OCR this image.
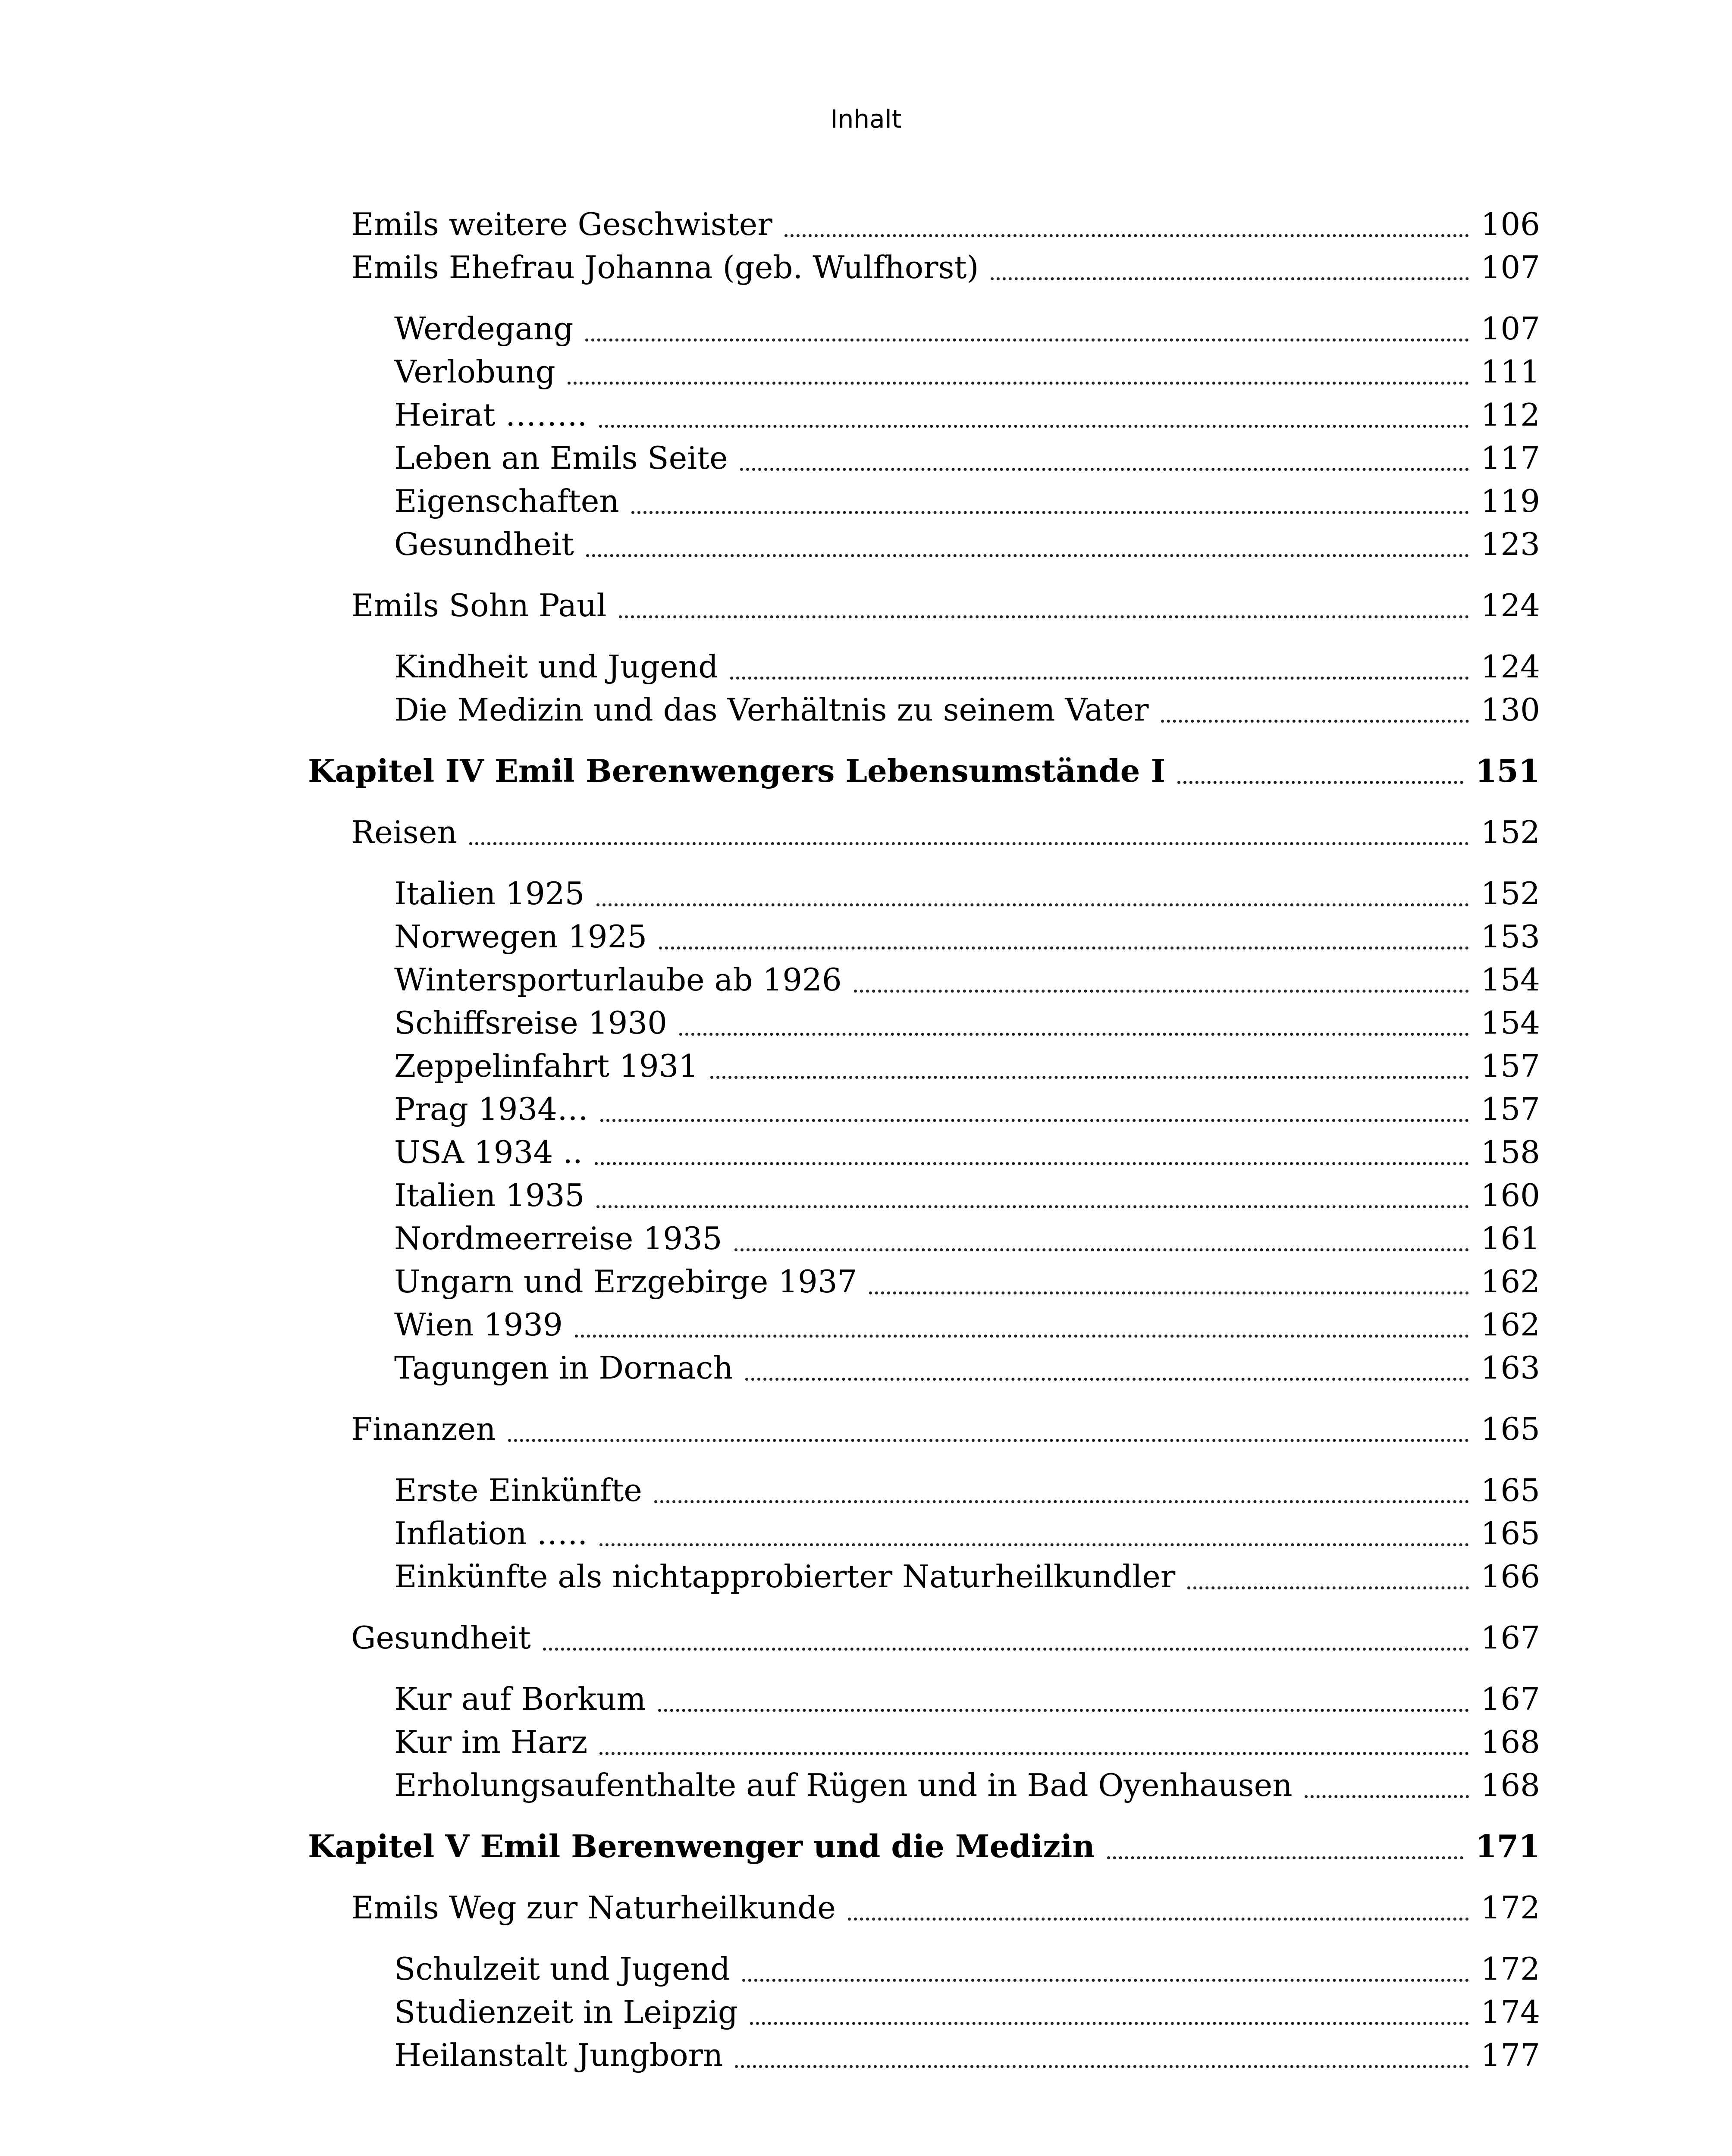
Inhalt
Emils weitere Geschwister	106
Emils Ehefrau Johanna (geb. Wulfhorst)	107
Werdegang	107
Verlobung	111
Heirat ……..	112
Leben an Emils Seite	117
Eigenschaften	119
Gesundheit	123
Emils Sohn Paul	124
Kindheit und Jugend	124
Die Medizin und das Verhältnis zu seinem Vater	130
Kapitel IV Emil Berenwengers Lebensumstände I	151
Reisen	152
Italien 1925	152
Norwegen 1925	153
Wintersporturlaube ab 1926	154
Schiffsreise 1930	154
Zeppelinfahrt 1931	157
Prag 1934…	157
USA 1934 ..	158
Italien 1935	160
Nordmeerreise 1935	161
Ungarn und Erzgebirge 1937	162
Wien 1939	162
Tagungen in Dornach	163
Finanzen	165
Erste Einkünfte	165
Inflation …..	165
Einkünfte als nichtapprobierter Naturheilkundler	166
Gesundheit	167
Kur auf Borkum	167
Kur im Harz	168
Erholungsaufenthalte auf Rügen und in Bad Oyenhausen	168
Kapitel V Emil Berenwenger und die Medizin	171
Emils Weg zur Naturheilkunde	172
Schulzeit und Jugend	172
Studienzeit in Leipzig	174
Heilanstalt Jungborn	177
